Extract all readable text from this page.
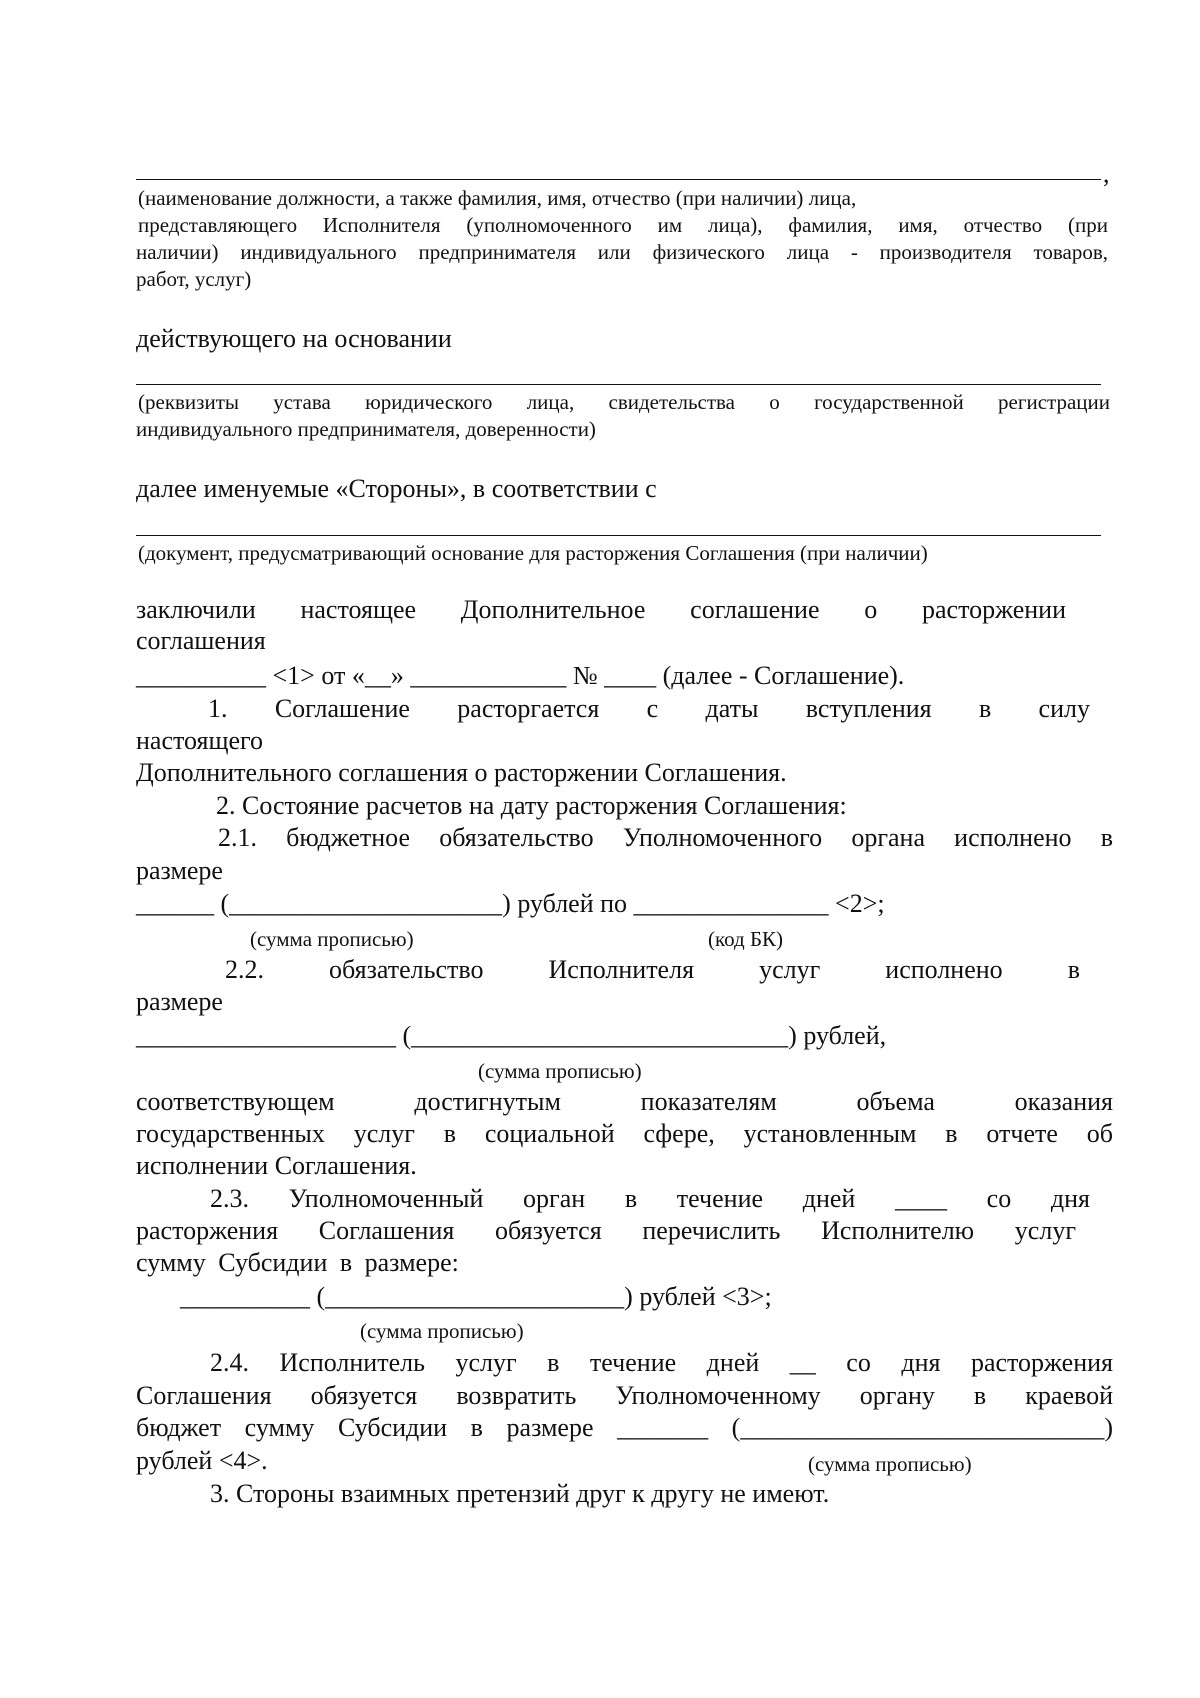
,
(наименование должности, а также фамилия, имя, отчество (при наличии) лица,
представляющего Исполнителя (уполномоченного им лица), фамилия, имя, отчество (при
наличии) индивидуального предпринимателя или физического лица - производителя товаров,
работ, услуг)
действующего на основании
(реквизиты устава юридического лица, свидетельства о государственной регистрации
индивидуального предпринимателя, доверенности)
далее именуемые «Стороны», в соответствии с
(документ, предусматривающий основание для расторжения Соглашения (при наличии)
заключили настоящее Дополнительное соглашение о расторжении
соглашения
__________ <1> от «__» ____________ № ____ (далее - Соглашение).
1. Соглашение расторгается с даты вступления в силу
настоящего
Дополнительного соглашения о расторжении Соглашения.
2. Состояние расчетов на дату расторжения Соглашения:
2.1. бюджетное обязательство Уполномоченного органа исполнено в
размере
______ (_____________________) рублей по _______________ <2>;
(сумма прописью)	(код БК)
2.2. обязательство Исполнителя услуг исполнено в
размере
____________________ (_____________________________) рублей,
(сумма прописью)
соответствующем достигнутым показателям объема оказания
государственных услуг в социальной сфере, установленным в отчете об
исполнении Соглашения.
2.3. Уполномоченный орган в течение дней ____ со дня
расторжения Соглашения обязуется перечислить Исполнителю услуг
сумму Субсидии в размере:
__________ (_______________________) рублей <3>;
(сумма прописью)
2.4. Исполнитель услуг в течение дней __ со дня расторжения
Соглашения обязуется возвратить Уполномоченному органу в краевой
бюджет сумму Субсидии в размере _______ (____________________________)
рублей <4>.	(сумма прописью)
3. Стороны взаимных претензий друг к другу не имеют.
